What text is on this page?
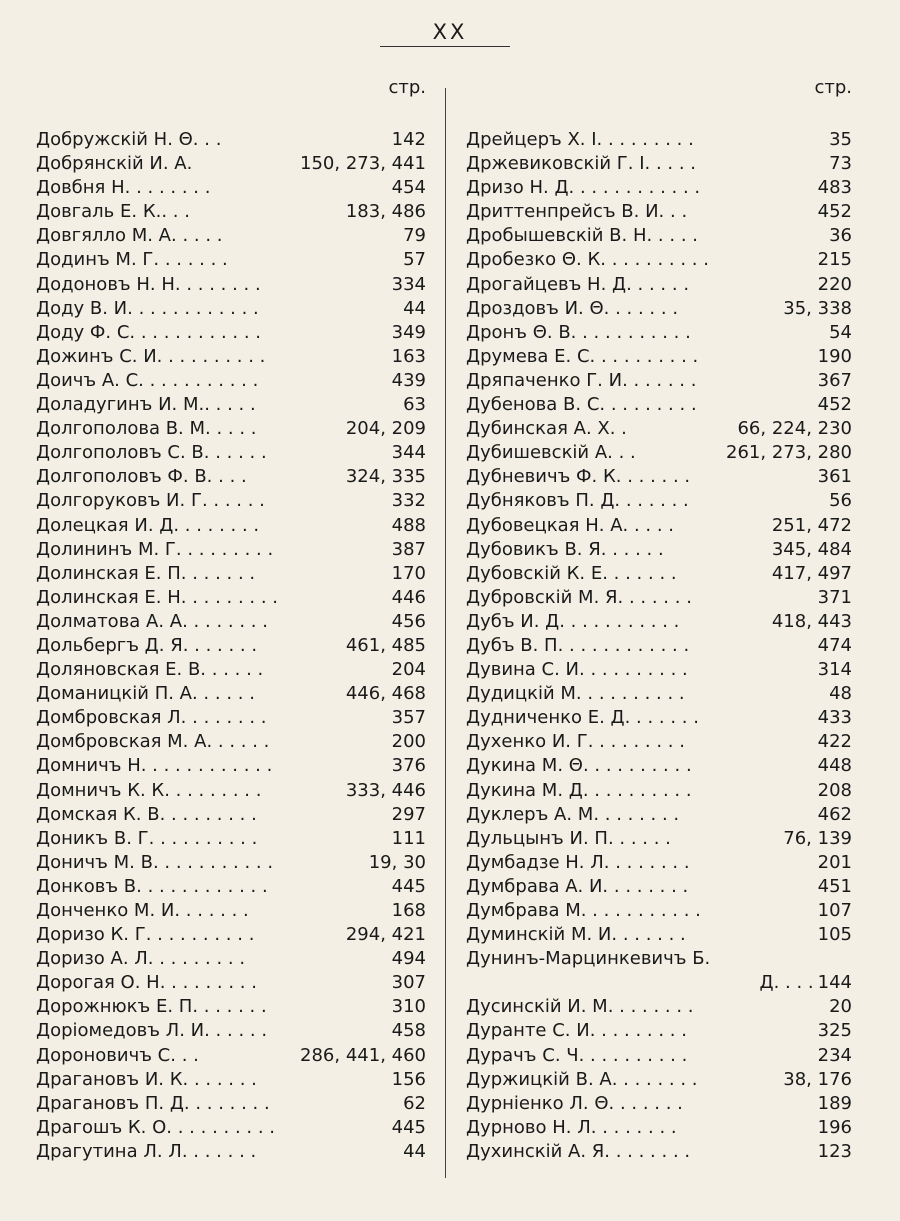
XX
стр.
Добружскій Н. Θ. . .	142
Добрянскій И. А.	150, 273, 441
Довбня Н. . . . . . . .	454
Довгаль Е. К.. . .	183, 486
Довгялло М. А. . . . .	79
Додинъ М. Г. . . . . . .	57
Додоновъ Н. Н. . . . . . . .	334
Доду В. И. . . . . . . . . . . .	44
Доду Ф. С. . . . . . . . . . . .	349
Дожинъ С. И. . . . . . . . . .	163
Доичъ А. С. . . . . . . . . . .	439
Доладугинъ И. М.. . . . .	63
Долгополова В. М. . . . .	204, 209
Долгополовъ С. В. . . . . .	344
Долгополовъ Ф. В. . . .	324, 335
Долгоруковъ И. Г. . . . . .	332
Долецкая И. Д. . . . . . . .	488
Долининъ М. Г. . . . . . . . .	387
Долинская Е. П. . . . . . .	170
Долинская Е. Н. . . . . . . . .	446
Долматова А. А. . . . . . . .	456
Дольбергъ Д. Я. . . . . . .	461, 485
Доляновская Е. В. . . . . .	204
Доманицкій П. А. . . . . .	446, 468
Домбровская Л. . . . . . . .	357
Домбровская М. А. . . . . .	200
Домничъ Н. . . . . . . . . . . .	376
Домничъ К. К. . . . . . . . .	333, 446
Домская К. В. . . . . . . . .	297
Доникъ В. Г. . . . . . . . . .	111
Доничъ М. В. . . . . . . . . . .	19, 30
Донковъ В. . . . . . . . . . . .	445
Донченко М. И. . . . . . .	168
Доризо К. Г. . . . . . . . . .	294, 421
Доризо А. Л. . . . . . . . .	494
Дорогая О. Н. . . . . . . . .	307
Дорожнюкъ Е. П. . . . . . .	310
Доріомедовъ Л. И. . . . . .	458
Дороновичъ С. . .	286, 441, 460
Драгановъ И. К. . . . . . .	156
Драгановъ П. Д. . . . . . . .	62
Драгошъ К. О. . . . . . . . . .	445
Драгутина Л. Л. . . . . . .	44
стр.
Дрейцеръ Х. I. . . . . . . . .	35
Држевиковскій Г. I. . . . .	73
Дризо Н. Д. . . . . . . . . . . .	483
Дриттенпрейсъ В. И. . .	452
Дробышевскій В. Н. . . . .	36
Дробезко Θ. К. . . . . . . . . .	215
Дрогайцевъ Н. Д. . . . . .	220
Дроздовъ И. Θ. . . . . . .	35, 338
Дронъ Θ. В. . . . . . . . . . .	54
Друмева Е. С. . . . . . . . . .	190
Дряпаченко Г. И. . . . . . .	367
Дубенова В. С. . . . . . . . .	452
Дубинская А. Х. .	66, 224, 230
Дубишевскій А. . .	261, 273, 280
Дубневичъ Ф. К. . . . . . .	361
Дубняковъ П. Д. . . . . . .	56
Дубовецкая Н. А. . . . .	251, 472
Дубовикъ В. Я. . . . . .	345, 484
Дубовскій К. Е. . . . . . .	417, 497
Дубровскій М. Я. . . . . . .	371
Дубъ И. Д. . . . . . . . . . .	418, 443
Дубъ В. П. . . . . . . . . . . .	474
Дувина С. И. . . . . . . . . .	314
Дудицкій М. . . . . . . . . .	48
Дудниченко Е. Д. . . . . . .	433
Духенко И. Г. . . . . . . . .	422
Дукина М. Θ. . . . . . . . . .	448
Дукина М. Д. . . . . . . . . .	208
Дуклеръ А. М. . . . . . . .	462
Дульцынъ И. П. . . . . .	76, 139
Думбадзе Н. Л. . . . . . . .	201
Думбрава А. И. . . . . . . .	451
Думбрава М. . . . . . . . . . .	107
Думинскій М. И. . . . . . .	105
Дунинъ-Марцинкевичъ Б.
Д. . . . 144
Дусинскій И. М. . . . . . . .	20
Дуранте С. И. . . . . . . . .	325
Дурачъ С. Ч. . . . . . . . . .	234
Дуржицкій В. А. . . . . . . .	38, 176
Дурніенко Л. Θ. . . . . . .	189
Дурново Н. Л. . . . . . . .	196
Духинскій А. Я. . . . . . . .	123
